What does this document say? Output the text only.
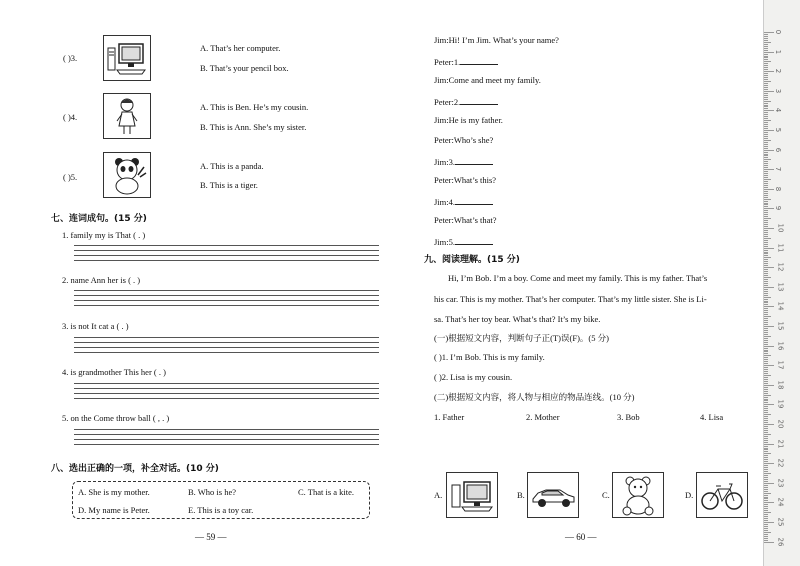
( )3.
A. That’s her computer.
B. That’s your pencil box.
( )4.
A. This is Ben. He’s my cousin.
B. This is Ann. She’s my sister.
( )5.
A. This is a panda.
B. This is a tiger.
七、连词成句。(15 分)
1. family my is That ( . )
2. name Ann her is ( . )
3. is not It cat a ( . )
4. is grandmother This her ( . )
5. on the Come throw ball ( , . )
八、选出正确的一项，补全对话。(10 分)
A. She is my mother.	B. Who is he?	C. That is a kite.
D. My name is Peter.	E. This is a toy car.
— 59 —
Jim:Hi! I’m Jim. What’s your name?
Peter:1.
Jim:Come and meet my family.
Peter:2.
Jim:He is my father.
Peter:Who’s she?
Jim:3.
Peter:What’s this?
Jim:4.
Peter:What’s that?
Jim:5.
九、阅读理解。(15 分)
Hi, I’m Bob. I’m a boy. Come and meet my family. This is my father. That’s
his car. This is my mother. That’s her computer. That’s my little sister. She is Li-
sa. That’s her toy bear. What’s that? It’s my bike.
(一)根据短文内容，判断句子正(T)误(F)。(5 分)
( )1. I’m Bob. This is my family.
( )2. Lisa is my cousin.
(二)根据短文内容，将人物与相应的物品连线。(10 分)
1. Father	2. Mother	3. Bob	4. Lisa
A.	B.	C.	D.
— 60 —
0
1
2
3
4
5
6
7
8
9
10
11
12
13
14
15
16
17
18
19
20
21
22
23
24
25
26
